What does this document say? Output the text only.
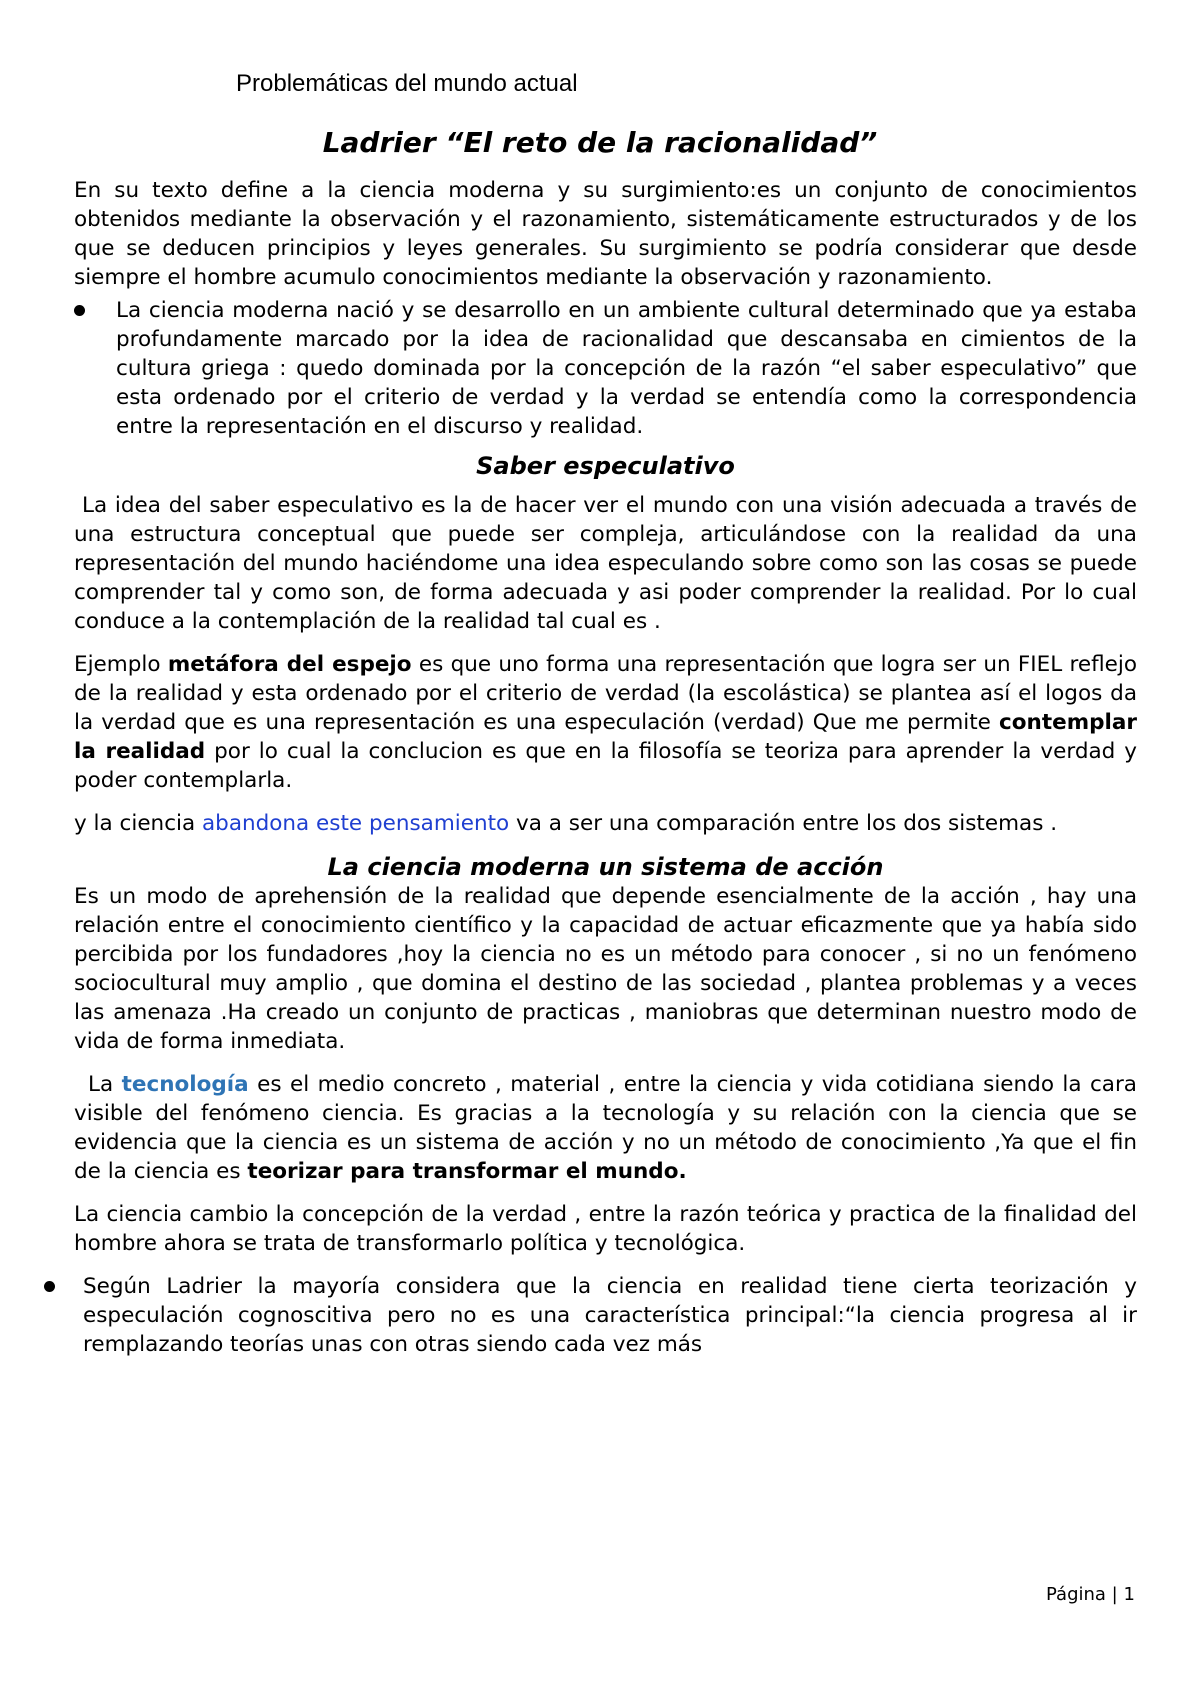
Problemáticas del mundo actual
Ladrier “El reto de la racionalidad”

En su texto define a la ciencia moderna y su surgimiento:es un conjunto de conocimientos obtenidos mediante la observación y el razonamiento, sistemáticamente estructurados y de los que se deducen principios y leyes generales. Su surgimiento se podría considerar que desde siempre el hombre acumulo conocimientos mediante la observación y razonamiento.

La ciencia moderna nació y se desarrollo en un ambiente cultural determinado que ya estaba profundamente marcado por la idea de racionalidad que descansaba en cimientos de la cultura griega : quedo dominada por la concepción de la razón “el saber especulativo” que esta ordenado por el criterio de verdad y la verdad se entendía como la correspondencia entre la representación en el discurso y realidad.
Saber especulativo

La idea del saber especulativo es la de hacer ver el mundo con una visión adecuada a través de una estructura conceptual que puede ser compleja, articulándose con la realidad da una representación del mundo haciéndome una idea especulando sobre como son las cosas se puede comprender tal y como son, de forma adecuada y asi poder comprender la realidad. Por lo cual conduce a la contemplación de la realidad tal cual es .

Ejemplo metáfora del espejo es que uno forma una representación que logra ser un FIEL reflejo de la realidad y esta ordenado por el criterio de verdad (la escolástica) se plantea así el logos da la verdad que es una representación es una especulación (verdad) Que me permite contemplar la realidad por lo cual la conclucion es que en la filosofía se teoriza para aprender la verdad y poder contemplarla.

y la ciencia abandona este pensamiento va a ser una comparación entre los dos sistemas .

La ciencia moderna un sistema de acción

Es un modo de aprehensión de la realidad que depende esencialmente de la acción , hay una relación entre el conocimiento científico y la capacidad de actuar eficazmente que ya había sido percibida por los fundadores ,hoy la ciencia no es un método para conocer , si no un fenómeno sociocultural muy amplio , que domina el destino de las sociedad , plantea problemas y a veces las amenaza .Ha creado un conjunto de practicas , maniobras que determinan nuestro modo de vida de forma inmediata.

La tecnología es el medio concreto , material , entre la ciencia y vida cotidiana siendo la cara visible del fenómeno ciencia. Es gracias a la tecnología y su relación con la ciencia que se evidencia que la ciencia es un sistema de acción y no un método de conocimiento ,Ya que el fin de la ciencia es teorizar para transformar el mundo.

La ciencia cambio la concepción de la verdad , entre la razón teórica y practica de la finalidad del hombre ahora se trata de transformarlo política y tecnológica.

Según Ladrier la mayoría considera que la ciencia en realidad tiene cierta teorización y especulación cognoscitiva pero no es una característica principal:“la ciencia progresa al ir remplazando teorías unas con otras siendo cada vez más
Página | 1
